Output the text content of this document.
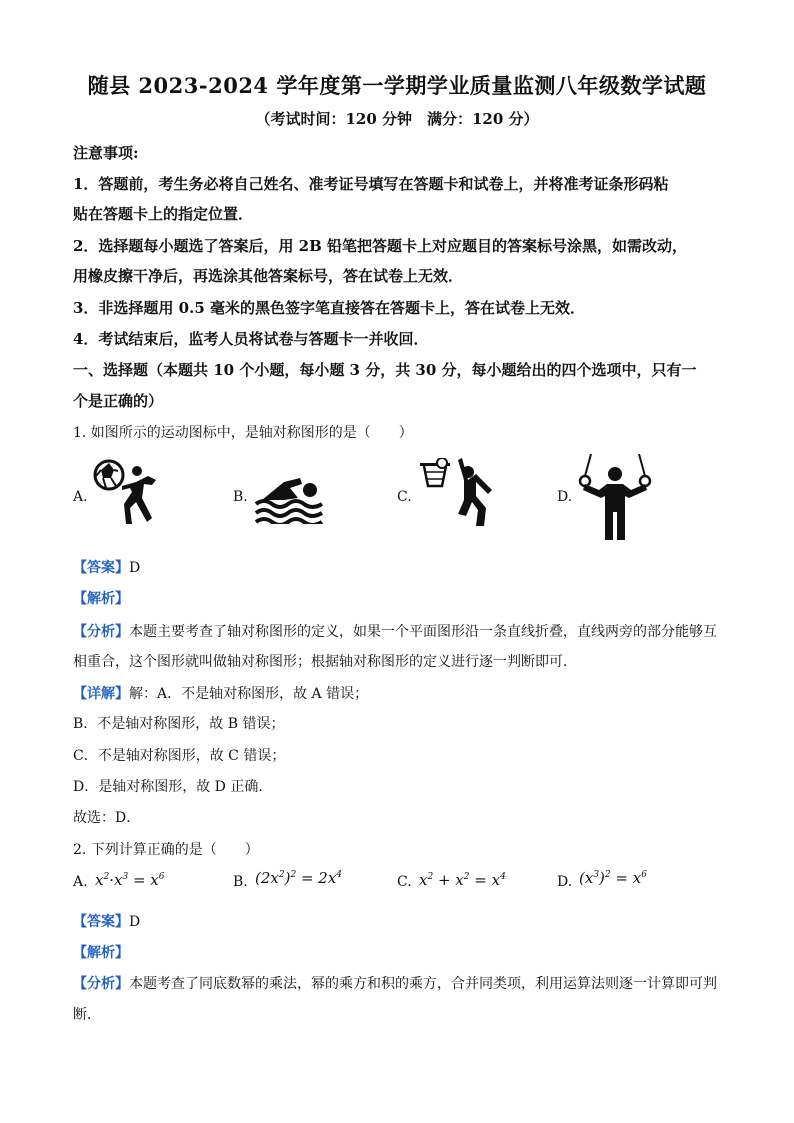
随县 2023-2024 学年度第一学期学业质量监测八年级数学试题
（考试时间：120 分钟　满分：120 分）
注意事项:
1．答题前，考生务必将自己姓名、准考证号填写在答题卡和试卷上，并将准考证条形码粘
贴在答题卡上的指定位置．
2．选择题每小题选了答案后，用 2B 铅笔把答题卡上对应题目的答案标号涂黑，如需改动，
用橡皮擦干净后，再选涂其他答案标号，答在试卷上无效．
3．非选择题用 0.5 毫米的黑色签字笔直接答在答题卡上，答在试卷上无效．
4．考试结束后，监考人员将试卷与答题卡一并收回．
一、选择题（本题共 10 个小题，每小题 3 分，共 30 分，每小题给出的四个选项中，只有一
个是正确的）
1. 如图所示的运动图标中，是轴对称图形的是（　　）
A.	B.	C.	D.
【答案】D
【解析】
【分析】本题主要考查了轴对称图形的定义，如果一个平面图形沿一条直线折叠，直线两旁的部分能够互
相重合，这个图形就叫做轴对称图形；根据轴对称图形的定义进行逐一判断即可．
【详解】解：A．不是轴对称图形，故 A 错误；
B．不是轴对称图形，故 B 错误；
C．不是轴对称图形，故 C 错误；
D．是轴对称图形，故 D 正确．
故选：D．
2. 下列计算正确的是（　　）
A. $x^2\cdot x^3 = x^6$	B. $(2x^2)^2 = 2x^4$	C. $x^2 + x^2 = x^4$	D. $(x^3)^2 = x^6$
【答案】D
【解析】
【分析】本题考查了同底数幂的乘法，幂的乘方和积的乘方，合并同类项，利用运算法则逐一计算即可判
断．
